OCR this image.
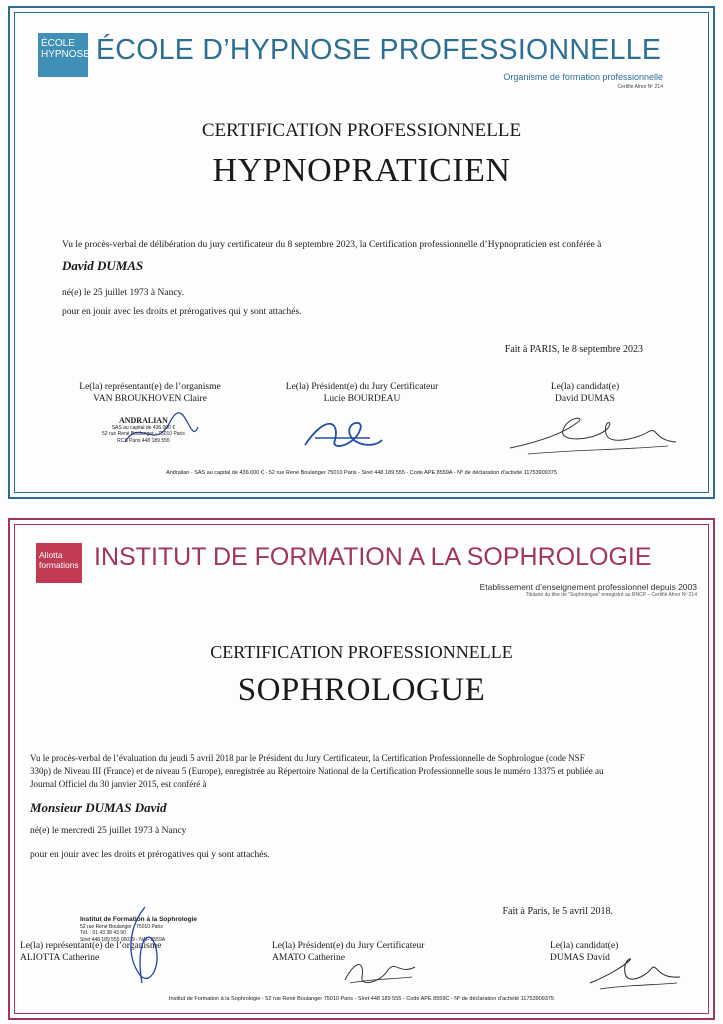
ÉCOLE
HYPNOSE ÉCOLE D’HYPNOSE PROFESSIONNELLE
Organisme de formation professionnelle
Certifié Afnor Nº 214
CERTIFICATION PROFESSIONNELLE
HYPNOPRATICIEN
Vu le procès-verbal de délibération du jury certificateur du 8 septembre 2023, la Certification professionnelle d’Hypnopraticien est conférée à
David DUMAS
né(e) le 25 juillet 1973 à Nancy.
pour en jouir avec les droits et prérogatives qui y sont attachés.
Fait à PARIS, le 8 septembre 2023
Le(la) représentant(e) de l’organisme
VAN BROUKHOVEN Claire
Le(la) Président(e) du Jury Certificateur
Lucie BOURDEAU
Le(la) candidat(e)
David DUMAS
ANDRALIAN
SAS au capital de 436.000 €
52 rue René Boulanger - 75010 Paris
RCS Paris 448 189 555
Andralian - SAS au capital de 436.000 € - 52 rue René Boulanger 75010 Paris - Siret 448 189 555 - Code APE 8559A - Nº de déclaration d’activité 11753909375
Aliotta
formations INSTITUT DE FORMATION A LA SOPHROLOGIE
Etablissement d’enseignement professionnel depuis 2003
Titulaire du titre de “Sophrologue” enregistré au RNCP – Certifié Afnor Nº 214
CERTIFICATION PROFESSIONNELLE
SOPHROLOGUE
Vu le procès-verbal de l’évaluation du jeudi 5 avril 2018 par le Président du Jury Certificateur, la Certification Professionnelle de Sophrologue (code NSF
330p) de Niveau III (France) et de niveau 5 (Europe), enregistrée au Répertoire National de la Certification Professionnelle sous le numéro 13375 et publiée au
Journal Officiel du 30 janvier 2015, est conféré à
Monsieur DUMAS David
né(e) le mercredi 25 juillet 1973 à Nancy
pour en jouir avec les droits et prérogatives qui y sont attachés.
Fait à Paris, le 5 avril 2018.
Le(la) représentant(e) de l’organisme
ALIOTTA Catherine
Le(la) Président(e) du Jury Certificateur
AMATO Catherine
Le(la) candidat(e)
DUMAS David
Institut de Formation à la Sophrologie
52 rue René Boulanger - 75010 Paris
Tél. : 01 43 38 43 90
Siret 448 189 555 00039 - NAF 8559A
Institut de Formation à la Sophrologie - 52 rue René Boulanger 75010 Paris - Siret 448 189 555 - Code APE 8559C - Nº de déclaration d’activité 11753909375
